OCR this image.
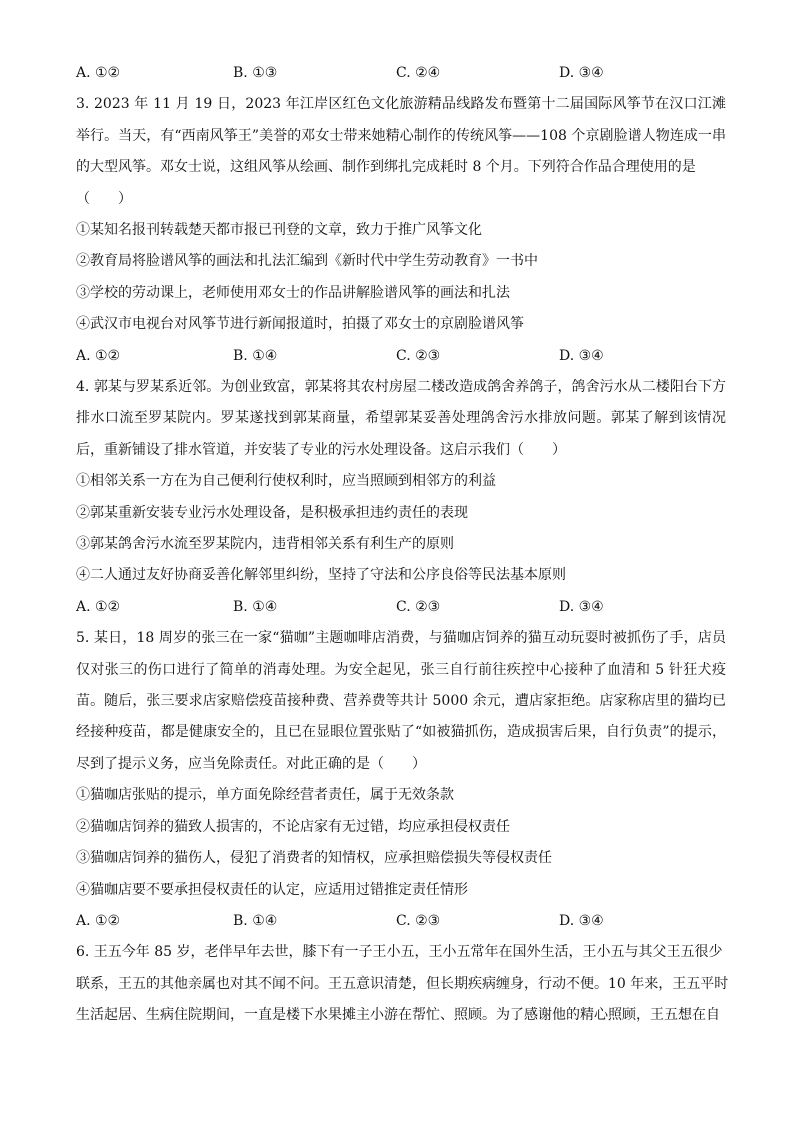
A. ①②	B. ①③	C. ②④	D. ③④

3. 2023 年 11 月 19 日，2023 年江岸区红色文化旅游精品线路发布暨第十二届国际风筝节在汉口江滩举行。当天，有“西南风筝王”美誉的邓女士带来她精心制作的传统风筝——108 个京剧脸谱人物连成一串的大型风筝。邓女士说，这组风筝从绘画、制作到绑扎完成耗时 8 个月。下列符合作品合理使用的是

（　　）

①某知名报刊转载楚天都市报已刊登的文章，致力于推广风筝文化

②教育局将脸谱风筝的画法和扎法汇编到《新时代中学生劳动教育》一书中

③学校的劳动课上，老师使用邓女士的作品讲解脸谱风筝的画法和扎法

④武汉市电视台对风筝节进行新闻报道时，拍摄了邓女士的京剧脸谱风筝

A. ①②	B. ①④	C. ②③	D. ③④

4. 郭某与罗某系近邻。为创业致富，郭某将其农村房屋二楼改造成鸽舍养鸽子，鸽舍污水从二楼阳台下方排水口流至罗某院内。罗某遂找到郭某商量，希望郭某妥善处理鸽舍污水排放问题。郭某了解到该情况后，重新铺设了排水管道，并安装了专业的污水处理设备。这启示我们（　　）

①相邻关系一方在为自己便利行使权利时，应当照顾到相邻方的利益

②郭某重新安装专业污水处理设备，是积极承担违约责任的表现

③郭某鸽舍污水流至罗某院内，违背相邻关系有利生产的原则

④二人通过友好协商妥善化解邻里纠纷，坚持了守法和公序良俗等民法基本原则

A. ①②	B. ①④	C. ②③	D. ③④

5. 某日，18 周岁的张三在一家“猫咖”主题咖啡店消费，与猫咖店饲养的猫互动玩耍时被抓伤了手，店员仅对张三的伤口进行了简单的消毒处理。为安全起见，张三自行前往疾控中心接种了血清和 5 针狂犬疫苗。随后，张三要求店家赔偿疫苗接种费、营养费等共计 5000 余元，遭店家拒绝。店家称店里的猫均已经接种疫苗，都是健康安全的，且已在显眼位置张贴了“如被猫抓伤，造成损害后果，自行负责”的提示，尽到了提示义务，应当免除责任。对此正确的是（　　）

①猫咖店张贴的提示，单方面免除经营者责任，属于无效条款

②猫咖店饲养的猫致人损害的，不论店家有无过错，均应承担侵权责任

③猫咖店饲养的猫伤人，侵犯了消费者的知情权，应承担赔偿损失等侵权责任

④猫咖店要不要承担侵权责任的认定，应适用过错推定责任情形

A. ①②	B. ①④	C. ②③	D. ③④

6. 王五今年 85 岁，老伴早年去世，膝下有一子王小五，王小五常年在国外生活，王小五与其父王五很少

联系，王五的其他亲属也对其不闻不问。王五意识清楚，但长期疾病缠身，行动不便。10 年来，王五平时

生活起居、生病住院期间，一直是楼下水果摊主小游在帮忙、照顾。为了感谢他的精心照顾，王五想在自
